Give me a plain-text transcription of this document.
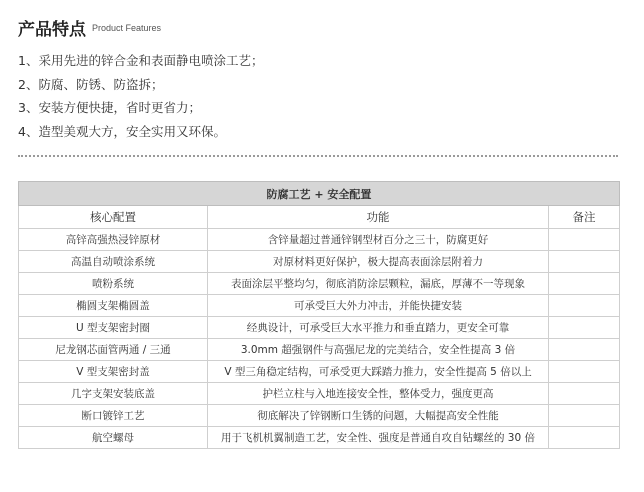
产品特点 Product Features
1、采用先进的锌合金和表面静电喷涂工艺；
2、防腐、防锈、防盗拆；
3、安装方便快捷，省时更省力；
4、造型美观大方，安全实用又环保。
防腐工艺 + 安全配置		
核心配置	功能	备注
高锌高强热浸锌原材	含锌量超过普通锌钢型材百分之三十，防腐更好	
高温自动喷涂系统	对原材料更好保护，极大提高表面涂层附着力	
喷粉系统	表面涂层平整均匀，彻底消防涂层颗粒，漏底，厚薄不一等现象	
椭圆支架椭圆盖	可承受巨大外力冲击，并能快捷安装	
U 型支架密封圈	经典设计，可承受巨大水平推力和垂直踏力，更安全可靠	
尼龙钢芯面管两通 / 三通	3.0mm 超强钢件与高强尼龙的完美结合，安全性提高 3 倍	
V 型支架密封盖	V 型三角稳定结构，可承受更大踩踏力推力，安全性提高 5 倍以上	
几字支架安装底盖	护栏立柱与入地连接安全性，整体受力，强度更高	
断口镀锌工艺	彻底解决了锌钢断口生锈的问题，大幅提高安全性能	
航空螺母	用于飞机机翼制造工艺，安全性、强度是普通自攻自钻螺丝的 30 倍	
